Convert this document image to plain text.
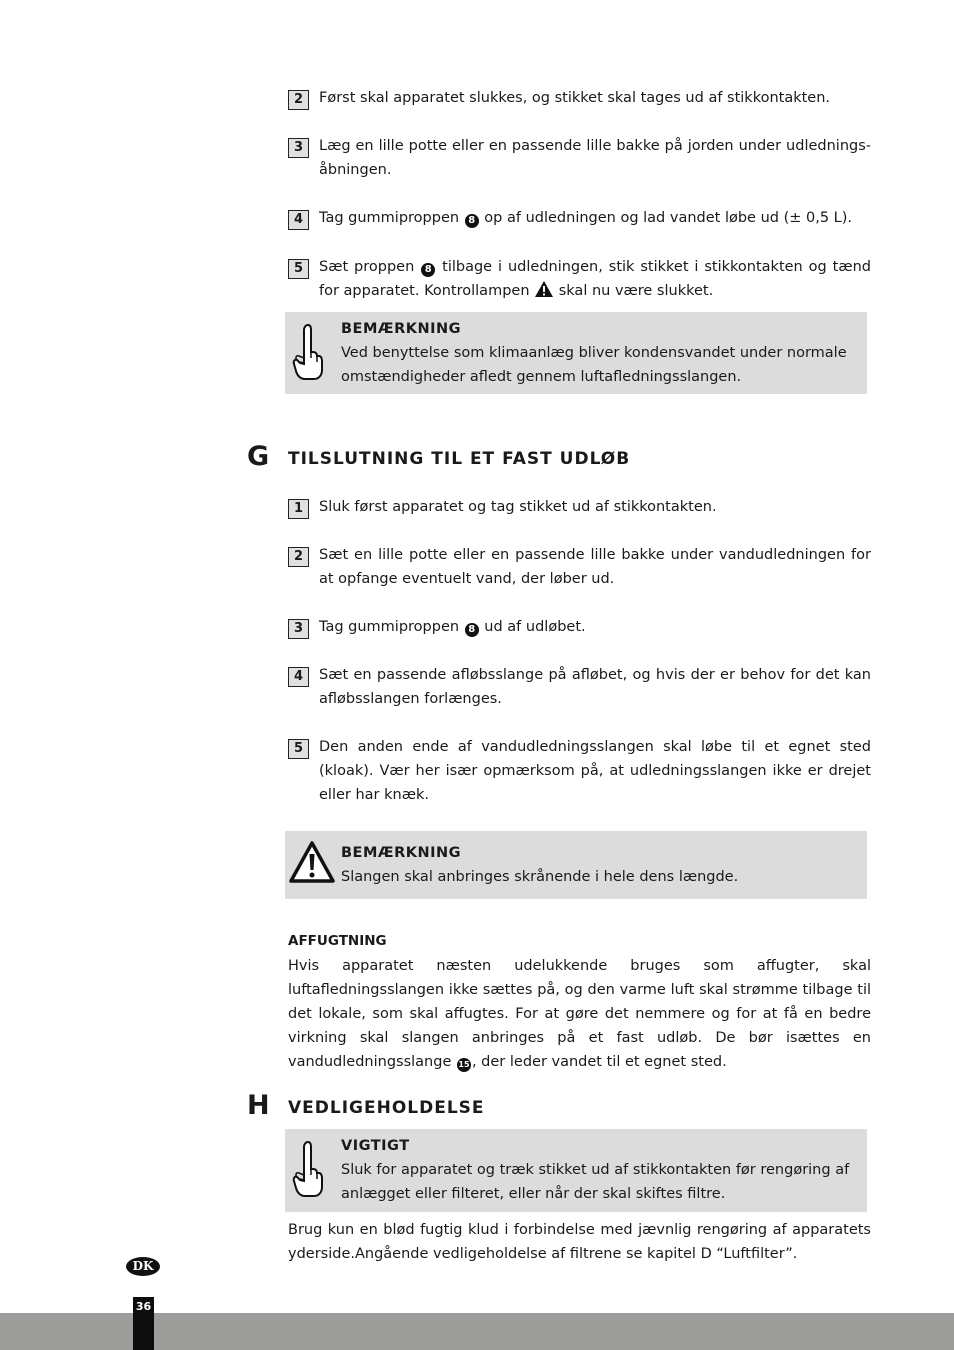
2	Først skal apparatet slukkes, og stikket skal tages ud af stikkontakten.
3	Læg en lille potte eller en passende lille bakke på jorden under udlednings-åbningen.
4	Tag gummiproppen 8 op af udledningen og lad vandet løbe ud (± 0,5 L).
5	Sæt proppen 8 tilbage i udledningen, stik stikket i stikkontakten og tænd for apparatet. Kontrollampen skal nu være slukket.
BEMÆRKNING
Ved benyttelse som klimaanlæg bliver kondensvandet under normale omstændigheder afledt gennem luftafledningsslangen.
G TILSLUTNING TIL ET FAST UDLØB
1	Sluk først apparatet og tag stikket ud af stikkontakten.
2	Sæt en lille potte eller en passende lille bakke under vandudledningen for at opfange eventuelt vand, der løber ud.
3	Tag gummiproppen 8 ud af udløbet.
4	Sæt en passende afløbsslange på afløbet, og hvis der er behov for det kan afløbsslangen forlænges.
5	Den anden ende af vandudledningsslangen skal løbe til et egnet sted (kloak). Vær her især opmærksom på, at udledningsslangen ikke er drejet eller har knæk.
BEMÆRKNING
Slangen skal anbringes skrånende i hele dens længde.
AFFUGTNING
Hvis apparatet næsten udelukkende bruges som affugter, skal luftafledningsslangen ikke sættes på, og den varme luft skal strømme tilbage til det lokale, som skal affugtes. For at gøre det nemmere og for at få en bedre virkning skal slangen anbringes på et fast udløb. De bør isættes en vandudledningsslange 15 , der leder vandet til et egnet sted.
H VEDLIGEHOLDELSE
VIGTIGT
Sluk for apparatet og træk stikket ud af stikkontakten før rengøring af anlægget eller filteret, eller når der skal skiftes filtre.
Brug kun en blød fugtig klud i forbindelse med jævnlig rengøring af apparatets yderside.Angående vedligeholdelse af filtrene se kapitel D “Luftfilter”.
DK
36
